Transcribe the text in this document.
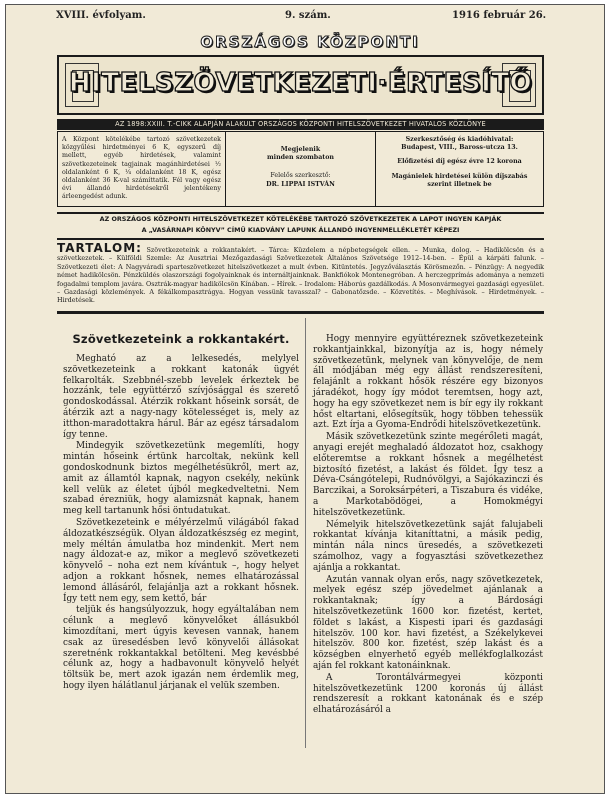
XVIII. évfolyam.	9. szám.	1916 február 26.
ORSZÁGOS KÖZPONTI
HITELSZÖVETKEZETI·ÉRTESÍTŐ
AZ 1898:XXIII. T.-CIKK ALAPJÁN ALAKULT ORSZÁGOS KÖZPONTI HITELSZÖVETKEZET HIVATALOS KÖZLÖNYE
A Központ kötelékébe tartozó szövetkezetek közgyűlési hirdetményei 6 K, egyszerű díj mellett, egyéb hirdetések, valamint szövetkezeteinek tagjainak magánhirdetései ½ oldalanként 6 K, ¼ oldalanként 18 K, egész oldalanként 36 K-val számíttatik. Fél vagy egész évi állandó hirdetésekről jelentékeny árleengedést adunk.
Megjelenik
minden szombaton
Felelős szerkesztő:
DR. LIPPAI ISTVÁN
Szerkesztőség és kiadóhivatal:
Budapest, VIII., Baross-utcza 13.
Előfizetési díj egész évre 12 korona
Magánielek hirdetései külön díjszabás szerint illetnek be
AZ ORSZÁGOS KÖZPONTI HITELSZÖVETKEZET KÖTELÉKÉBE TARTOZÓ SZÖVETKEZETEK A LAPOT INGYEN KAPJÁK
A „VASÁRNAPI KÖNYV” CÍMŰ KIADVÁNY LAPUNK ÁLLANDÓ INGYENMELLÉKLETÉT KÉPEZI
TARTALOM: Szövetkezeteink a rokkantakért. – Tárca: Küzdelem a népbetegségek ellen. – Munka, dolog. – Hadikölcsön és a szövetkezetek. – Külföldi Szemle: Az Ausztriai Mezőgazdasági Szövetkezetek Általános Szövetsége 1912–14-ben. – Épül a kárpáti falunk. – Szövetkezeti élet: A Nagyváradi sparteszövetkezet hitelszövetkezet a mult évben. Kitüntetés. Jegyzőválasztás Körösmezőn. – Pénzügy: A negyedik német hadikölcsön. Pénzküldés olaszországi fogolyainknak és internáltjainknak. Bankfiókok Montenegróban. A herczegprímás adománya a nemzeti fogadalmi templom javára. Osztrák-magyar hadikölcsön Kínában. – Hírek. – Irodalom: Háborús gazdálkodás. A Mosonvármegyei gazdasági egyesület. – Gazdasági közlemények. A fékálkompasztrágya. Hogyan vessünk tavasszal? – Gabonatőzsde. – Közvetítés. – Meghívások. – Hirdetmények. – Hirdetések.
Szövetkezeteink a rokkantakért.

Megható az a lelkesedés, melylyel szövetkezeteink a rokkant katonák ügyét felkarolták. Szebbnél-szebb levelek érkeztek be hozzánk, tele együttérző szívjósággal és szerető gondoskodással. Átérzik rokkant hőseink sorsát, de átérzik azt a nagy-nagy kötelességet is, mely az itthon-maradottakra hárul. Bár az egész társadalom így tenne.

Mindegyik szövetkezetünk megemlíti, hogy mintán hőseink értünk harcoltak, nekünk kell gondoskodnunk biztos megélhetésükről, mert az, amit az államtól kapnak, nagyon csekély, nekünk kell velük az életet újból megkedveltetni. Nem szabad érezniük, hogy alamizsnát kapnak, hanem meg kell tartanunk hősi öntudatukat.

Szövetkezeteink e mélyérzelmű világából fakad áldozatkészségük. Olyan áldozatkészség ez megint, mely méltán ámulatba hoz mindenkit. Mert nem nagy áldozat-e az, mikor a meglevő szövetkezeti könyvelő – noha ezt nem kívántuk –, hogy helyet adjon a rokkant hősnek, nemes elhatározással lemond állásáról, felajánlja azt a rokkant hősnek. Így tett nem egy, sem kettő, bár

teljük és hangsúlyozzuk, hogy egyáltalában nem célunk a meglevő könyvelőket állásukból kimozdítani, mert úgyis kevesen vannak, hanem csak az üresedésben levő könyvelői állásokat szeretnénk rokkantakkal betölteni. Meg kevésbbé célunk az, hogy a hadbavonult könyvelő helyét töltsük be, mert azok igazán nem érdemlik meg, hogy ilyen hálátlanul járjanak el velük szemben.

Hogy mennyire együttéreznek szövetkezeteink rokkantjainkkal, bizonyítja az is, hogy némely szövetkezetünk, melynek van könyvelője, de nem áll módjában még egy állást rendszeresíteni, felajánlt a rokkant hősök részére egy bizonyos járadékot, hogy így módot teremtsen, hogy azt, hogy ha egy szövetkezet nem is bír egy ily rokkant hőst eltartani, elősegítsük, hogy többen tehessük azt. Ezt írja a Gyoma-Endrődi hitelszövetkezetünk.

Másik szövetkezetünk szinte megérőleti magát, anyagi erejét meghaladó áldozatot hoz, csakhogy előteremtse a rokkant hősnek a megélhetést biztosító fizetést, a lakást és földet. Így tesz a Déva-Csángótelepi, Rudnóvölgyi, a Sajókazinczi és Barczikai, a Soroksárpéteri, a Tiszabura és vidéke, a Markotabödögei, a Homokmégyi hitelszövetkezetünk.

Némelyik hitelszövetkezetünk saját falujabeli rokkantat kívánja kitaníttatni, a másik pedig, mintán nála nincs üresedés, a szövetkezeti számolhoz, vagy a fogyasztási szövetkezethez ajánlja a rokkantat.

Azután vannak olyan erős, nagy szövetkezetek, melyek egész szép jövedelmet ajánlanak a rokkantaknak; így a Bárdosági hitelszövetkezetünk 1600 kor. fizetést, kertet, földet s lakást, a Kispesti ipari és gazdasági hitelszöv. 100 kor. havi fizetést, a Székelykevei hitelszöv. 800 kor. fizetést, szép lakást és a községben elnyerhető egyéb mellékfoglalkozást aján fel rokkant katonáinknak.

A Torontálvármegyei központi hitelszövetkezetünk 1200 koronás új állást rendszeresít a rokkant katonának és e szép elhatározásáról a
